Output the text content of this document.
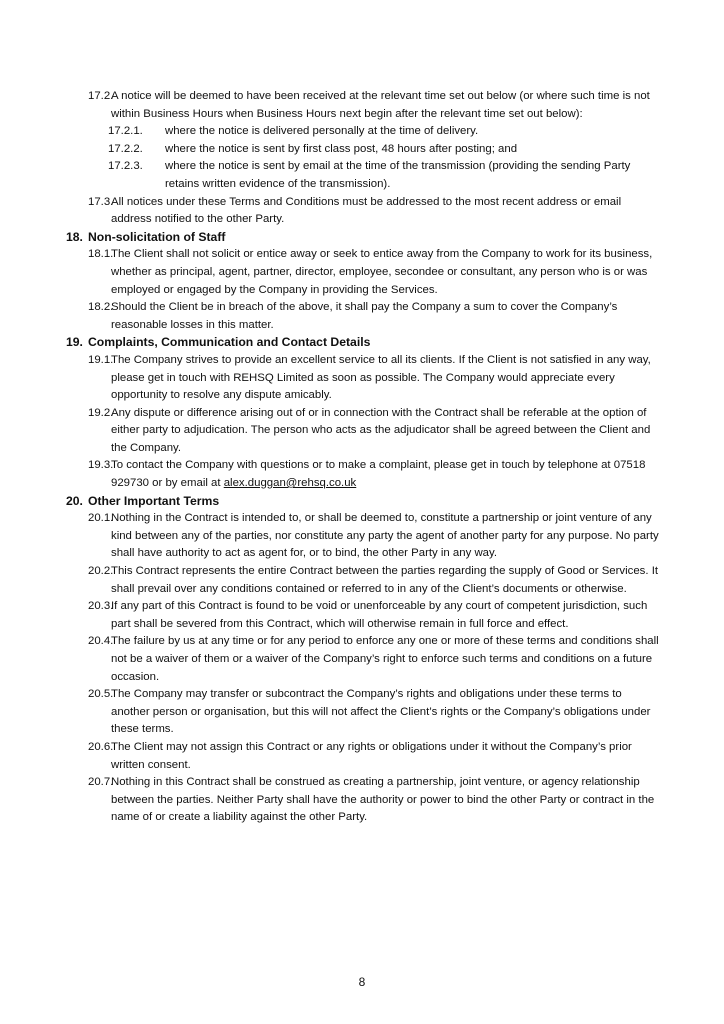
17.2.
A notice will be deemed to have been received at the relevant time set out below (or where such time is not within Business Hours when Business Hours next begin after the relevant time set out below):
17.2.1. where the notice is delivered personally at the time of delivery.
17.2.2. where the notice is sent by first class post, 48 hours after posting; and
17.2.3. where the notice is sent by email at the time of the transmission (providing the sending Party retains written evidence of the transmission).
17.3.
All notices under these Terms and Conditions must be addressed to the most recent address or email address notified to the other Party.
18. Non-solicitation of Staff
18.1.
The Client shall not solicit or entice away or seek to entice away from the Company to work for its business, whether as principal, agent, partner, director, employee, secondee or consultant, any person who is or was employed or engaged by the Company in providing the Services.
18.2.
Should the Client be in breach of the above, it shall pay the Company a sum to cover the Company’s reasonable losses in this matter.
19. Complaints, Communication and Contact Details
19.1.
The Company strives to provide an excellent service to all its clients. If the Client is not satisfied in any way, please get in touch with REHSQ Limited as soon as possible. The Company would appreciate every opportunity to resolve any dispute amicably.
19.2.
Any dispute or difference arising out of or in connection with the Contract shall be referable at the option of either party to adjudication. The person who acts as the adjudicator shall be agreed between the Client and the Company.
19.3.
To contact the Company with questions or to make a complaint, please get in touch by telephone at 07518 929730 or by email at alex.duggan@rehsq.co.uk
20. Other Important Terms
20.1.
Nothing in the Contract is intended to, or shall be deemed to, constitute a partnership or joint venture of any kind between any of the parties, nor constitute any party the agent of another party for any purpose. No party shall have authority to act as agent for, or to bind, the other Party in any way.
20.2.
This Contract represents the entire Contract between the parties regarding the supply of Good or Services. It shall prevail over any conditions contained or referred to in any of the Client’s documents or otherwise.
20.3.
If any part of this Contract is found to be void or unenforceable by any court of competent jurisdiction, such part shall be severed from this Contract, which will otherwise remain in full force and effect.
20.4.
The failure by us at any time or for any period to enforce any one or more of these terms and conditions shall not be a waiver of them or a waiver of the Company’s right to enforce such terms and conditions on a future occasion.
20.5.
The Company may transfer or subcontract the Company’s rights and obligations under these terms to another person or organisation, but this will not affect the Client’s rights or the Company’s obligations under these terms.
20.6.
The Client may not assign this Contract or any rights or obligations under it without the Company’s prior written consent.
20.7.
Nothing in this Contract shall be construed as creating a partnership, joint venture, or agency relationship between the parties. Neither Party shall have the authority or power to bind the other Party or contract in the name of or create a liability against the other Party.
8
